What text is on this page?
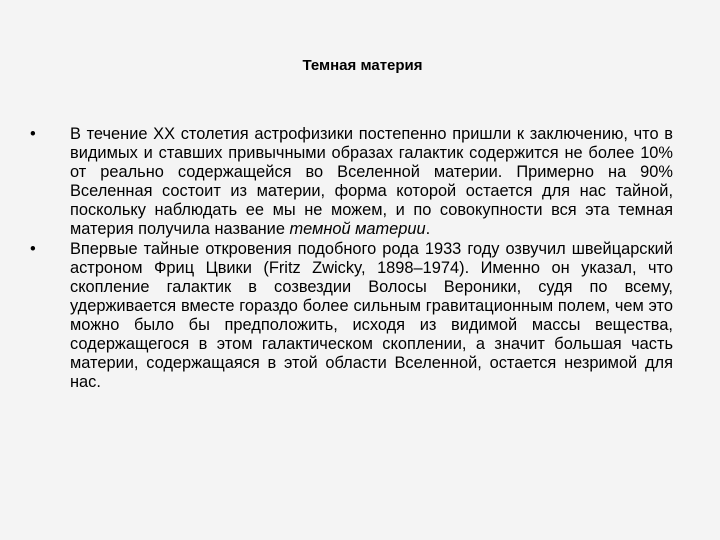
Темная материя
•	В течение XX столетия астрофизики постепенно пришли к заключению, что в видимых и ставших привычными образах галактик содержится не более 10% от реально содержащейся во Вселенной материи. Примерно на 90% Вселенная состоит из материи, форма которой остается для нас тайной, поскольку наблюдать ее мы не можем, и по совокупности вся эта темная материя получила название темной материи.
•	Впервые тайные откровения подобного рода 1933 году озвучил швейцарский астроном Фриц Цвики (Fritz Zwicky, 1898–1974). Именно он указал, что скопление галактик в созвездии Волосы Вероники, судя по всему, удерживается вместе гораздо более сильным гравитационным полем, чем это можно было бы предположить, исходя из видимой массы вещества, содержащегося в этом галактическом скоплении, а значит большая часть материи, содержащаяся в этой области Вселенной, остается незримой для нас.
